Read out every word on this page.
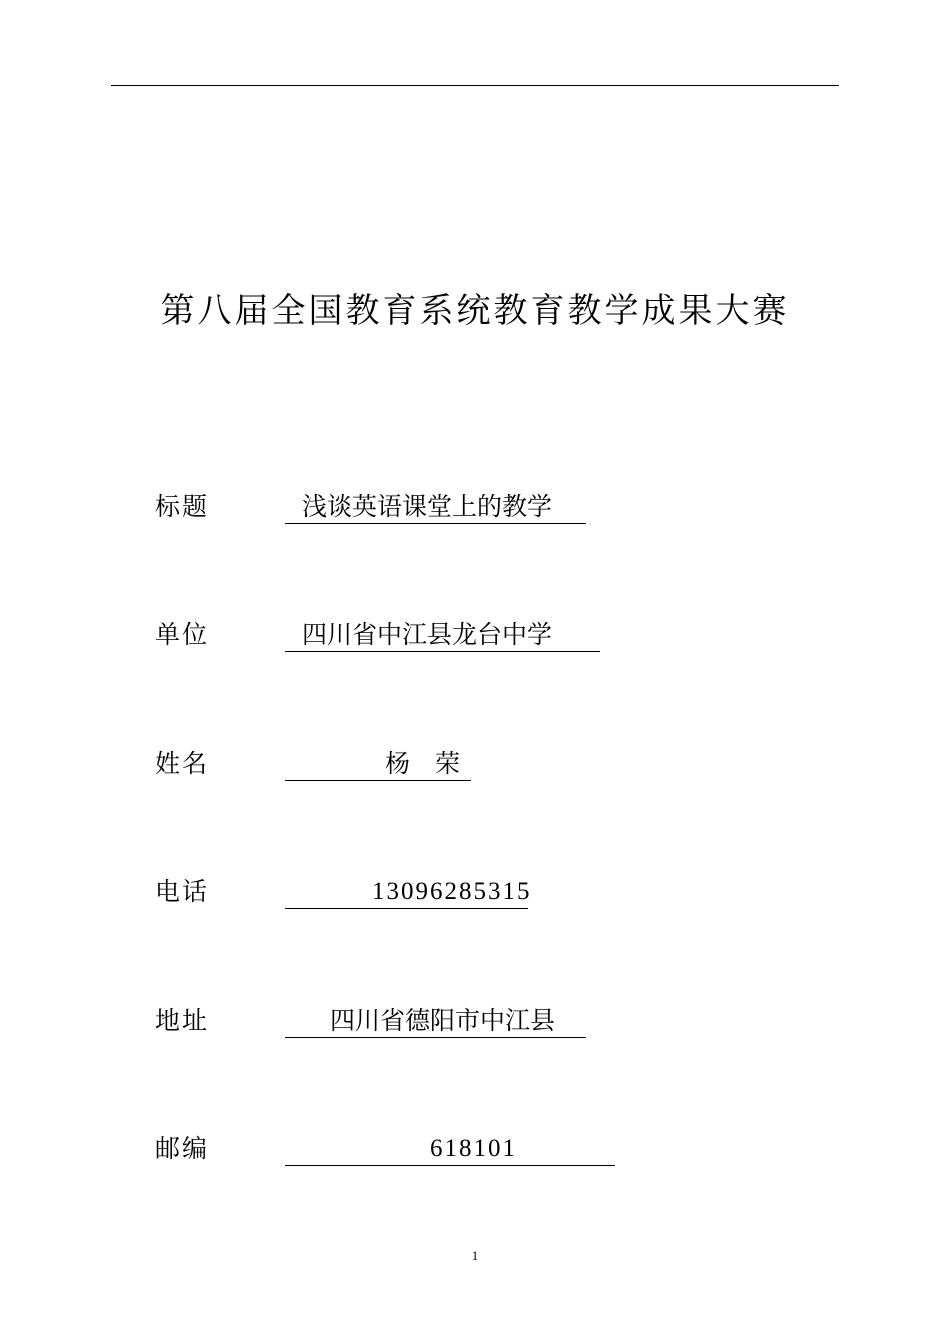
第八届全国教育系统教育教学成果大赛
标题	浅谈英语课堂上的教学
单位	四川省中江县龙台中学
姓名	杨　荣
电话	13096285315
地址	四川省德阳市中江县
邮编	618101
1
